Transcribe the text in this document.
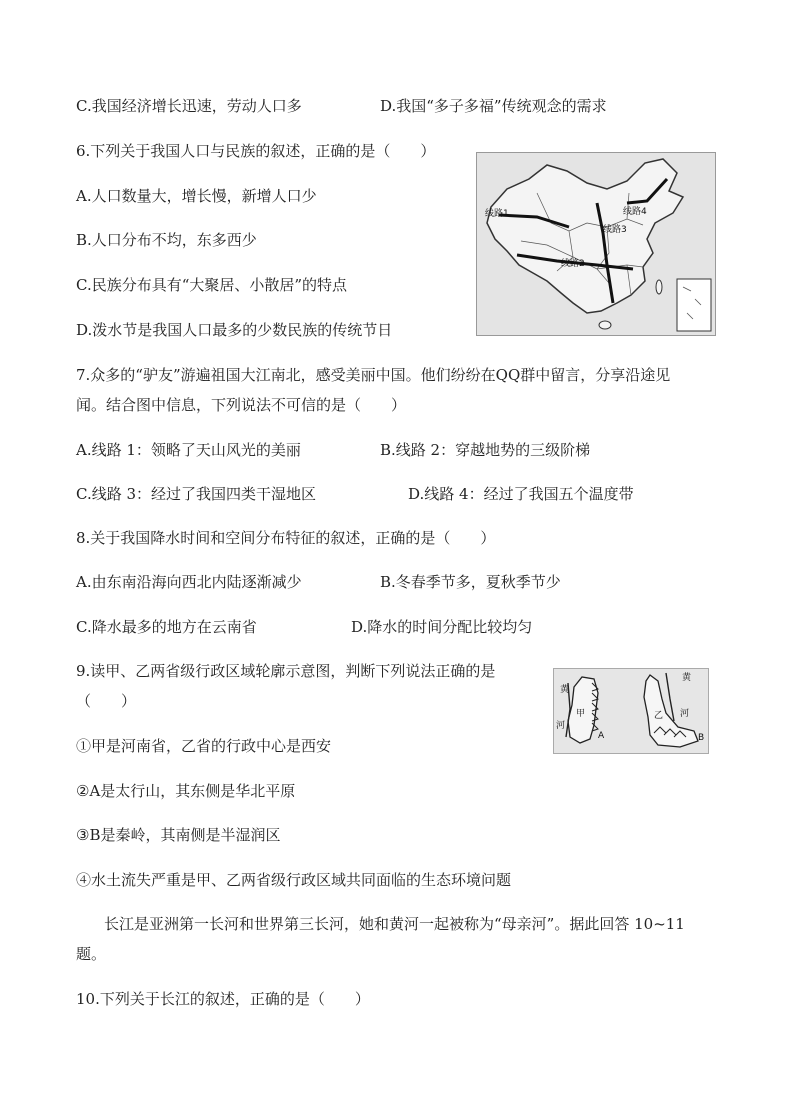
C.我国经济增长迅速，劳动人口多	D.我国“多子多福”传统观念的需求
6.下列关于我国人口与民族的叙述，正确的是（　　）
A.人口数量大，增长慢，新增人口少
B.人口分布不均，东多西少
C.民族分布具有“大聚居、小散居”的特点
D.泼水节是我国人口最多的少数民族的传统节日
线路1
线路2
线路3
线路4
7.众多的“驴友”游遍祖国大江南北，感受美丽中国。他们纷纷在QQ群中留言，分享沿途见
闻。结合图中信息，下列说法不可信的是（　　）
A.线路 1：领略了天山风光的美丽	B.线路 2：穿越地势的三级阶梯
C.线路 3：经过了我国四类干湿地区	D.线路 4：经过了我国五个温度带
8.关于我国降水时间和空间分布特征的叙述，正确的是（　　）
A.由东南沿海向西北内陆逐渐减少	B.冬春季节多，夏秋季节少
C.降水最多的地方在云南省	D.降水的时间分配比较均匀
9.读甲、乙两省级行政区域轮廓示意图，判断下列说法正确的是
（　　）
黄
河
甲
A
黄
河
乙
B
①甲是河南省，乙省的行政中心是西安
②A是太行山，其东侧是华北平原
③B是秦岭，其南侧是半湿润区
④水土流失严重是甲、乙两省级行政区域共同面临的生态环境问题
长江是亚洲第一长河和世界第三长河，她和黄河一起被称为“母亲河”。据此回答 10~11
题。
10.下列关于长江的叙述，正确的是（　　）
